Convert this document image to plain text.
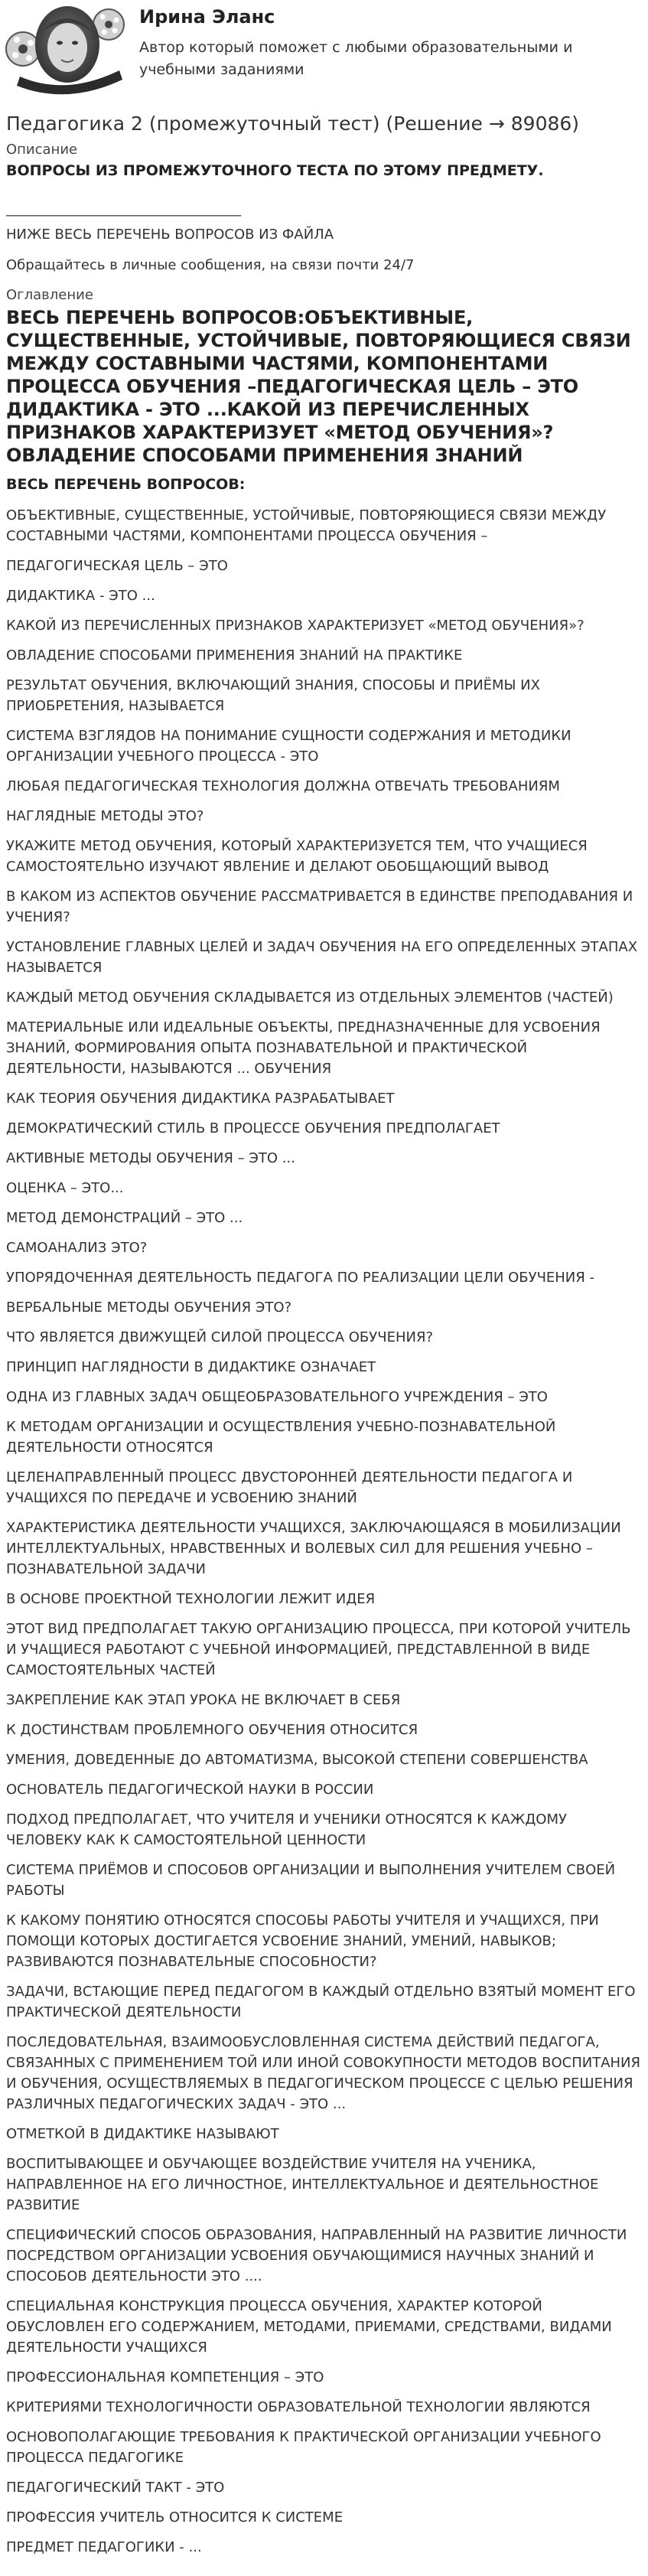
Ирина Эланс
Автор который поможет с любыми образовательными и учебными заданиями
Педагогика 2 (промежуточный тест) (Решение → 89086)
Описание
ВОПРОСЫ ИЗ ПРОМЕЖУТОЧНОГО ТЕСТА ПО ЭТОМУ ПРЕДМЕТУ.
____________________________________
НИЖЕ ВЕСЬ ПЕРЕЧЕНЬ ВОПРОСОВ ИЗ ФАЙЛА
Обращайтесь в личные сообщения, на связи почти 24/7
Оглавление
ВЕСЬ ПЕРЕЧЕНЬ ВОПРОСОВ:ОБЪЕКТИВНЫЕ, СУЩЕСТВЕННЫЕ, УСТОЙЧИВЫЕ, ПОВТОРЯЮЩИЕСЯ СВЯЗИ МЕЖДУ СОСТАВНЫМИ ЧАСТЯМИ, КОМПОНЕНТАМИ ПРОЦЕССА ОБУЧЕНИЯ –ПЕДАГОГИЧЕСКАЯ ЦЕЛЬ – ЭТО ДИДАКТИКА - ЭТО ...КАКОЙ ИЗ ПЕРЕЧИСЛЕННЫХ ПРИЗНАКОВ ХАРАКТЕРИЗУЕТ «МЕТОД ОБУЧЕНИЯ»?ОВЛАДЕНИЕ СПОСОБАМИ ПРИМЕНЕНИЯ ЗНАНИЙ
ВЕСЬ ПЕРЕЧЕНЬ ВОПРОСОВ:
ОБЪЕКТИВНЫЕ, СУЩЕСТВЕННЫЕ, УСТОЙЧИВЫЕ, ПОВТОРЯЮЩИЕСЯ СВЯЗИ МЕЖДУ СОСТАВНЫМИ ЧАСТЯМИ, КОМПОНЕНТАМИ ПРОЦЕССА ОБУЧЕНИЯ –
ПЕДАГОГИЧЕСКАЯ ЦЕЛЬ – ЭТО
ДИДАКТИКА - ЭТО ...
КАКОЙ ИЗ ПЕРЕЧИСЛЕННЫХ ПРИЗНАКОВ ХАРАКТЕРИЗУЕТ «МЕТОД ОБУЧЕНИЯ»?
ОВЛАДЕНИЕ СПОСОБАМИ ПРИМЕНЕНИЯ ЗНАНИЙ НА ПРАКТИКЕ
РЕЗУЛЬТАТ ОБУЧЕНИЯ, ВКЛЮЧАЮЩИЙ ЗНАНИЯ, СПОСОБЫ И ПРИЁМЫ ИХ ПРИОБРЕТЕНИЯ, НАЗЫВАЕТСЯ
СИСТЕМА ВЗГЛЯДОВ НА ПОНИМАНИЕ СУЩНОСТИ СОДЕРЖАНИЯ И МЕТОДИКИ ОРГАНИЗАЦИИ УЧЕБНОГО ПРОЦЕССА - ЭТО
ЛЮБАЯ ПЕДАГОГИЧЕСКАЯ ТЕХНОЛОГИЯ ДОЛЖНА ОТВЕЧАТЬ ТРЕБОВАНИЯМ
НАГЛЯДНЫЕ МЕТОДЫ ЭТО?
УКАЖИТЕ МЕТОД ОБУЧЕНИЯ, КОТОРЫЙ ХАРАКТЕРИЗУЕТСЯ ТЕМ, ЧТО УЧАЩИЕСЯ САМОСТОЯТЕЛЬНО ИЗУЧАЮТ ЯВЛЕНИЕ И ДЕЛАЮТ ОБОБЩАЮЩИЙ ВЫВОД
В КАКОМ ИЗ АСПЕКТОВ ОБУЧЕНИЕ РАССМАТРИВАЕТСЯ В ЕДИНСТВЕ ПРЕПОДАВАНИЯ И УЧЕНИЯ?
УСТАНОВЛЕНИЕ ГЛАВНЫХ ЦЕЛЕЙ И ЗАДАЧ ОБУЧЕНИЯ НА ЕГО ОПРЕДЕЛЕННЫХ ЭТАПАХ НАЗЫВАЕТСЯ
КАЖДЫЙ МЕТОД ОБУЧЕНИЯ СКЛАДЫВАЕТСЯ ИЗ ОТДЕЛЬНЫХ ЭЛЕМЕНТОВ (ЧАСТЕЙ)
МАТЕРИАЛЬНЫЕ ИЛИ ИДЕАЛЬНЫЕ ОБЪЕКТЫ, ПРЕДНАЗНАЧЕННЫЕ ДЛЯ УСВОЕНИЯ ЗНАНИЙ, ФОРМИРОВАНИЯ ОПЫТА ПОЗНАВАТЕЛЬНОЙ И ПРАКТИЧЕСКОЙ ДЕЯТЕЛЬНОСТИ, НАЗЫВАЮТСЯ ... ОБУЧЕНИЯ
КАК ТЕОРИЯ ОБУЧЕНИЯ ДИДАКТИКА РАЗРАБАТЫВАЕТ
ДЕМОКРАТИЧЕСКИЙ СТИЛЬ В ПРОЦЕССЕ ОБУЧЕНИЯ ПРЕДПОЛАГАЕТ
АКТИВНЫЕ МЕТОДЫ ОБУЧЕНИЯ – ЭТО ...
ОЦЕНКА – ЭТО...
МЕТОД ДЕМОНСТРАЦИЙ – ЭТО ...
САМОАНАЛИЗ ЭТО?
УПОРЯДОЧЕННАЯ ДЕЯТЕЛЬНОСТЬ ПЕДАГОГА ПО РЕАЛИЗАЦИИ ЦЕЛИ ОБУЧЕНИЯ -
ВЕРБАЛЬНЫЕ МЕТОДЫ ОБУЧЕНИЯ ЭТО?
ЧТО ЯВЛЯЕТСЯ ДВИЖУЩЕЙ СИЛОЙ ПРОЦЕССА ОБУЧЕНИЯ?
ПРИНЦИП НАГЛЯДНОСТИ В ДИДАКТИКЕ ОЗНАЧАЕТ
ОДНА ИЗ ГЛАВНЫХ ЗАДАЧ ОБЩЕОБРАЗОВАТЕЛЬНОГО УЧРЕЖДЕНИЯ – ЭТО
К МЕТОДАМ ОРГАНИЗАЦИИ И ОСУЩЕСТВЛЕНИЯ УЧЕБНО-ПОЗНАВАТЕЛЬНОЙ ДЕЯТЕЛЬНОСТИ ОТНОСЯТСЯ
ЦЕЛЕНАПРАВЛЕННЫЙ ПРОЦЕСС ДВУСТОРОННЕЙ ДЕЯТЕЛЬНОСТИ ПЕДАГОГА И УЧАЩИХСЯ ПО ПЕРЕДАЧЕ И УСВОЕНИЮ ЗНАНИЙ
ХАРАКТЕРИСТИКА ДЕЯТЕЛЬНОСТИ УЧАЩИХСЯ, ЗАКЛЮЧАЮЩАЯСЯ В МОБИЛИЗАЦИИ ИНТЕЛЛЕКТУАЛЬНЫХ, НРАВСТВЕННЫХ И ВОЛЕВЫХ СИЛ ДЛЯ РЕШЕНИЯ УЧЕБНО – ПОЗНАВАТЕЛЬНОЙ ЗАДАЧИ
В ОСНОВЕ ПРОЕКТНОЙ ТЕХНОЛОГИИ ЛЕЖИТ ИДЕЯ
ЭТОТ ВИД ПРЕДПОЛАГАЕТ ТАКУЮ ОРГАНИЗАЦИЮ ПРОЦЕССА, ПРИ КОТОРОЙ УЧИТЕЛЬ И УЧАЩИЕСЯ РАБОТАЮТ С УЧЕБНОЙ ИНФОРМАЦИЕЙ, ПРЕДСТАВЛЕННОЙ В ВИДЕ САМОСТОЯТЕЛЬНЫХ ЧАСТЕЙ
ЗАКРЕПЛЕНИЕ КАК ЭТАП УРОКА НЕ ВКЛЮЧАЕТ В СЕБЯ
К ДОСТИНСТВАМ ПРОБЛЕМНОГО ОБУЧЕНИЯ ОТНОСИТСЯ
УМЕНИЯ, ДОВЕДЕННЫЕ ДО АВТОМАТИЗМА, ВЫСОКОЙ СТЕПЕНИ СОВЕРШЕНСТВА
ОСНОВАТЕЛЬ ПЕДАГОГИЧЕСКОЙ НАУКИ В РОССИИ
ПОДХОД ПРЕДПОЛАГАЕТ, ЧТО УЧИТЕЛЯ И УЧЕНИКИ ОТНОСЯТСЯ К КАЖДОМУ ЧЕЛОВЕКУ КАК К САМОСТОЯТЕЛЬНОЙ ЦЕННОСТИ
СИСТЕМА ПРИЁМОВ И СПОСОБОВ ОРГАНИЗАЦИИ И ВЫПОЛНЕНИЯ УЧИТЕЛЕМ СВОЕЙ РАБОТЫ
К КАКОМУ ПОНЯТИЮ ОТНОСЯТСЯ СПОСОБЫ РАБОТЫ УЧИТЕЛЯ И УЧАЩИХСЯ, ПРИ ПОМОЩИ КОТОРЫХ ДОСТИГАЕТСЯ УСВОЕНИЕ ЗНАНИЙ, УМЕНИЙ, НАВЫКОВ; РАЗВИВАЮТСЯ ПОЗНАВАТЕЛЬНЫЕ СПОСОБНОСТИ?
ЗАДАЧИ, ВСТАЮЩИЕ ПЕРЕД ПЕДАГОГОМ В КАЖДЫЙ ОТДЕЛЬНО ВЗЯТЫЙ МОМЕНТ ЕГО ПРАКТИЧЕСКОЙ ДЕЯТЕЛЬНОСТИ
ПОСЛЕДОВАТЕЛЬНАЯ, ВЗАИМООБУСЛОВЛЕННАЯ СИСТЕМА ДЕЙСТВИЙ ПЕДАГОГА, СВЯЗАННЫХ С ПРИМЕНЕНИЕМ ТОЙ ИЛИ ИНОЙ СОВОКУПНОСТИ МЕТОДОВ ВОСПИТАНИЯ И ОБУЧЕНИЯ, ОСУЩЕСТВЛЯЕМЫХ В ПЕДАГОГИЧЕСКОМ ПРОЦЕССЕ С ЦЕЛЬЮ РЕШЕНИЯ РАЗЛИЧНЫХ ПЕДАГОГИЧЕСКИХ ЗАДАЧ - ЭТО ...
ОТМЕТКОЙ В ДИДАКТИКЕ НАЗЫВАЮТ
ВОСПИТЫВАЮЩЕЕ И ОБУЧАЮЩЕЕ ВОЗДЕЙСТВИЕ УЧИТЕЛЯ НА УЧЕНИКА, НАПРАВЛЕННОЕ НА ЕГО ЛИЧНОСТНОЕ, ИНТЕЛЛЕКТУАЛЬНОЕ И ДЕЯТЕЛЬНОСТНОЕ РАЗВИТИЕ
СПЕЦИФИЧЕСКИЙ СПОСОБ ОБРАЗОВАНИЯ, НАПРАВЛЕННЫЙ НА РАЗВИТИЕ ЛИЧНОСТИ ПОСРЕДСТВОМ ОРГАНИЗАЦИИ УСВОЕНИЯ ОБУЧАЮЩИМИСЯ НАУЧНЫХ ЗНАНИЙ И СПОСОБОВ ДЕЯТЕЛЬНОСТИ ЭТО ....
СПЕЦИАЛЬНАЯ КОНСТРУКЦИЯ ПРОЦЕССА ОБУЧЕНИЯ, ХАРАКТЕР КОТОРОЙ ОБУСЛОВЛЕН ЕГО СОДЕРЖАНИЕМ, МЕТОДАМИ, ПРИЕМАМИ, СРЕДСТВАМИ, ВИДАМИ ДЕЯТЕЛЬНОСТИ УЧАЩИХСЯ
ПРОФЕССИОНАЛЬНАЯ КОМПЕТЕНЦИЯ – ЭТО
КРИТЕРИЯМИ ТЕХНОЛОГИЧНОСТИ ОБРАЗОВАТЕЛЬНОЙ ТЕХНОЛОГИИ ЯВЛЯЮТСЯ
ОСНОВОПОЛАГАЮЩИЕ ТРЕБОВАНИЯ К ПРАКТИЧЕСКОЙ ОРГАНИЗАЦИИ УЧЕБНОГО ПРОЦЕССА ПЕДАГОГИКЕ
ПЕДАГОГИЧЕСКИЙ ТАКТ - ЭТО
ПРОФЕССИЯ УЧИТЕЛЬ ОТНОСИТСЯ К СИСТЕМЕ
ПРЕДМЕТ ПЕДАГОГИКИ - ...
